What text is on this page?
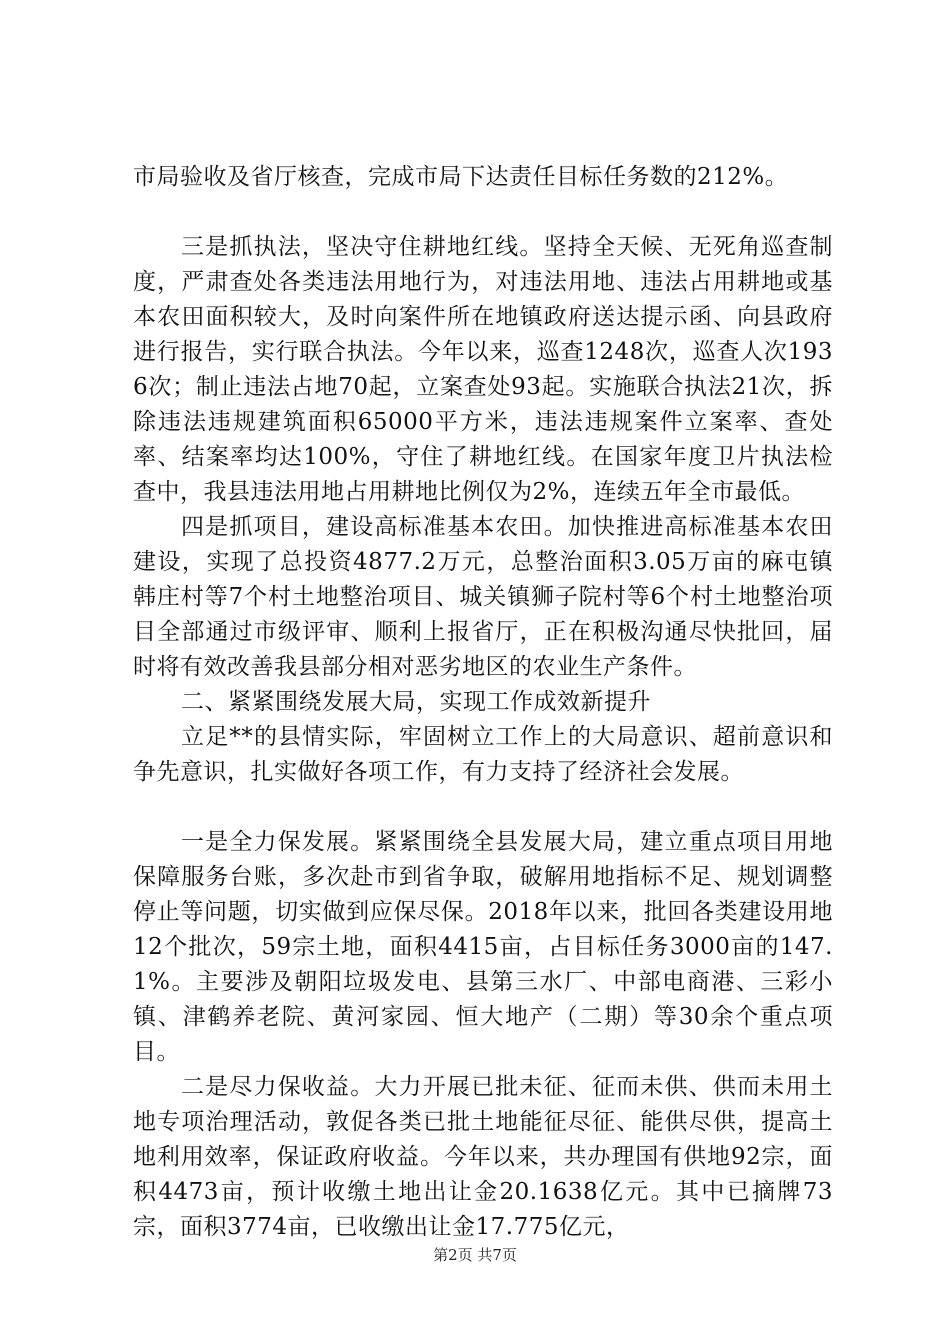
市局验收及省厅核查，完成市局下达责任目标任务数的212%。

三是抓执法，坚决守住耕地红线。坚持全天候、无死角巡查制度，严肃查处各类违法用地行为，对违法用地、违法占用耕地或基本农田面积较大，及时向案件所在地镇政府送达提示函、向县政府进行报告，实行联合执法。今年以来，巡查1248次，巡查人次1936次；制止违法占地70起，立案查处93起。实施联合执法21次，拆除违法违规建筑面积65000平方米，违法违规案件立案率、查处率、结案率均达100%，守住了耕地红线。在国家年度卫片执法检查中，我县违法用地占用耕地比例仅为2%，连续五年全市最低。

四是抓项目，建设高标准基本农田。加快推进高标准基本农田建设，实现了总投资4877.2万元，总整治面积3.05万亩的麻屯镇韩庄村等7个村土地整治项目、城关镇狮子院村等6个村土地整治项目全部通过市级评审、顺利上报省厅，正在积极沟通尽快批回，届时将有效改善我县部分相对恶劣地区的农业生产条件。

二、紧紧围绕发展大局，实现工作成效新提升

立足**的县情实际，牢固树立工作上的大局意识、超前意识和争先意识，扎实做好各项工作，有力支持了经济社会发展。

一是全力保发展。紧紧围绕全县发展大局，建立重点项目用地保障服务台账，多次赴市到省争取，破解用地指标不足、规划调整停止等问题，切实做到应保尽保。2018年以来，批回各类建设用地12个批次，59宗土地，面积4415亩，占目标任务3000亩的147.1%。主要涉及朝阳垃圾发电、县第三水厂、中部电商港、三彩小镇、津鹤养老院、黄河家园、恒大地产（二期）等30余个重点项目。

二是尽力保收益。大力开展已批未征、征而未供、供而未用土地专项治理活动，敦促各类已批土地能征尽征、能供尽供，提高土地利用效率，保证政府收益。今年以来，共办理国有供地92宗，面积4473亩，预计收缴土地出让金20.1638亿元。其中已摘牌73宗，面积3774亩，已收缴出让金17.775亿元，

第2页 共7页
